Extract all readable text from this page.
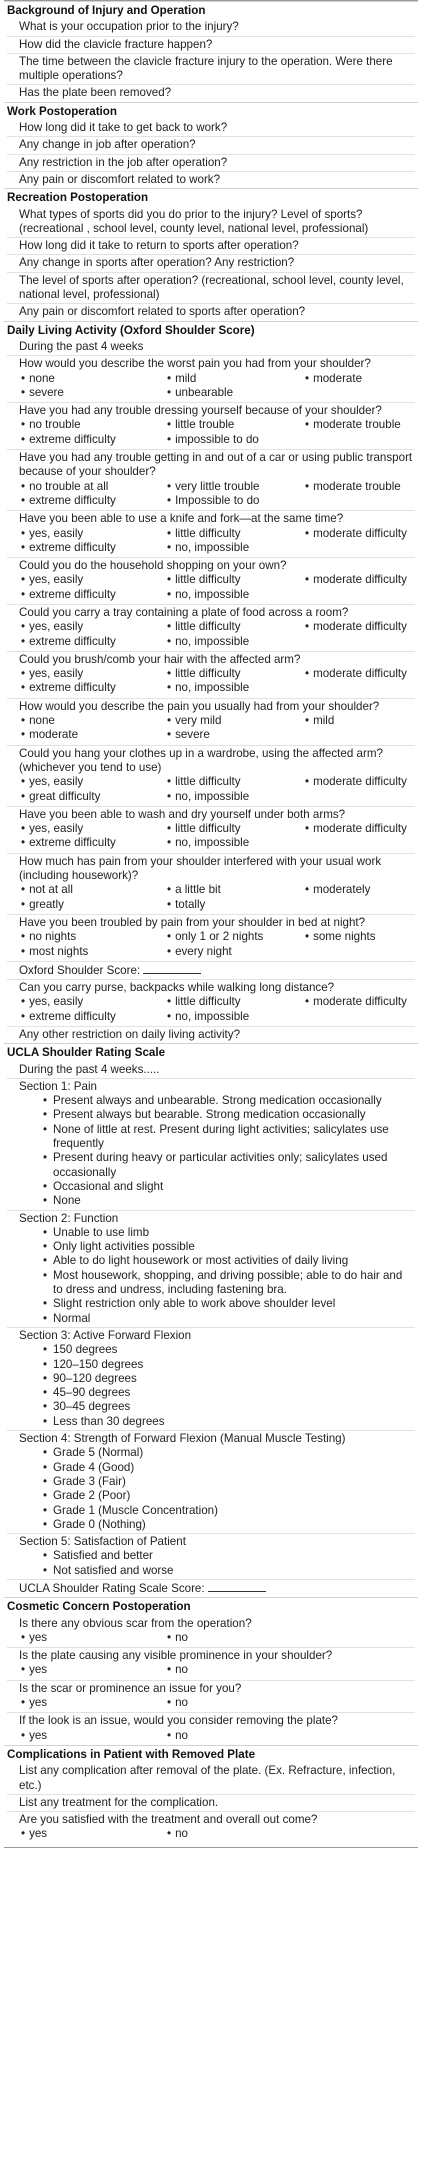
Background of Injury and Operation
What is your occupation prior to the injury?
How did the clavicle fracture happen?
The time between the clavicle fracture injury to the operation. Were there multiple operations?
Has the plate been removed?
Work Postoperation
How long did it take to get back to work?
Any change in job after operation?
Any restriction in the job after operation?
Any pain or discomfort related to work?
Recreation Postoperation
What types of sports did you do prior to the injury? Level of sports? (recreational , school level, county level, national level, professional)
How long did it take to return to sports after operation?
Any change in sports after operation? Any restriction?
The level of sports after operation? (recreational, school level, county level, national level, professional)
Any pain or discomfort related to sports after operation?
Daily Living Activity (Oxford Shoulder Score)
During the past 4 weeks
How would you describe the worst pain you had from your shoulder?
• none	• mild	• moderate
• severe	• unbearable
Have you had any trouble dressing yourself because of your shoulder?
• no trouble	• little trouble	• moderate trouble
• extreme difficulty	• impossible to do
Have you had any trouble getting in and out of a car or using public transport because of your shoulder?
• no trouble at all	• very little trouble	• moderate trouble
• extreme difficulty	• Impossible to do
Have you been able to use a knife and fork—at the same time?
• yes, easily	• little difficulty	• moderate difficulty
• extreme difficulty	• no, impossible
Could you do the household shopping on your own?
• yes, easily	• little difficulty	• moderate difficulty
• extreme difficulty	• no, impossible
Could you carry a tray containing a plate of food across a room?
• yes, easily	• little difficulty	• moderate difficulty
• extreme difficulty	• no, impossible
Could you brush/comb your hair with the affected arm?
• yes, easily	• little difficulty	• moderate difficulty
• extreme difficulty	• no, impossible
How would you describe the pain you usually had from your shoulder?
• none	• very mild	• mild
• moderate	• severe
Could you hang your clothes up in a wardrobe, using the affected arm? (whichever you tend to use)
• yes, easily	• little difficulty	• moderate difficulty
• great difficulty	• no, impossible
Have you been able to wash and dry yourself under both arms?
• yes, easily	• little difficulty	• moderate difficulty
• extreme difficulty	• no, impossible
How much has pain from your shoulder interfered with your usual work (including housework)?
• not at all	• a little bit	• moderately
• greatly	• totally
Have you been troubled by pain from your shoulder in bed at night?
• no nights	• only 1 or 2 nights	• some nights
• most nights	• every night
Oxford Shoulder Score:
Can you carry purse, backpacks while walking long distance?
• yes, easily	• little difficulty	• moderate difficulty
• extreme difficulty	• no, impossible
Any other restriction on daily living activity?
UCLA Shoulder Rating Scale
During the past 4 weeks.....
Section 1: Pain
• Present always and unbearable. Strong medication occasionally
• Present always but bearable. Strong medication occasionally
• None of little at rest. Present during light activities; salicylates use frequently
• Present during heavy or particular activities only; salicylates used occasionally
• Occasional and slight
• None
Section 2: Function
• Unable to use limb
• Only light activities possible
• Able to do light housework or most activities of daily living
• Most housework, shopping, and driving possible; able to do hair and to dress and undress, including fastening bra.
• Slight restriction only able to work above shoulder level
• Normal
Section 3: Active Forward Flexion
• 150 degrees
• 120–150 degrees
• 90–120 degrees
• 45–90 degrees
• 30–45 degrees
• Less than 30 degrees
Section 4: Strength of Forward Flexion (Manual Muscle Testing)
• Grade 5 (Normal)
• Grade 4 (Good)
• Grade 3 (Fair)
• Grade 2 (Poor)
• Grade 1 (Muscle Concentration)
• Grade 0 (Nothing)
Section 5: Satisfaction of Patient
• Satisfied and better
• Not satisfied and worse
UCLA Shoulder Rating Scale Score:
Cosmetic Concern Postoperation
Is there any obvious scar from the operation?
• yes	• no
Is the plate causing any visible prominence in your shoulder?
• yes	• no
Is the scar or prominence an issue for you?
• yes	• no
If the look is an issue, would you consider removing the plate?
• yes	• no
Complications in Patient with Removed Plate
List any complication after removal of the plate. (Ex. Refracture, infection, etc.)
List any treatment for the complication.
Are you satisfied with the treatment and overall out come?
• yes	• no
